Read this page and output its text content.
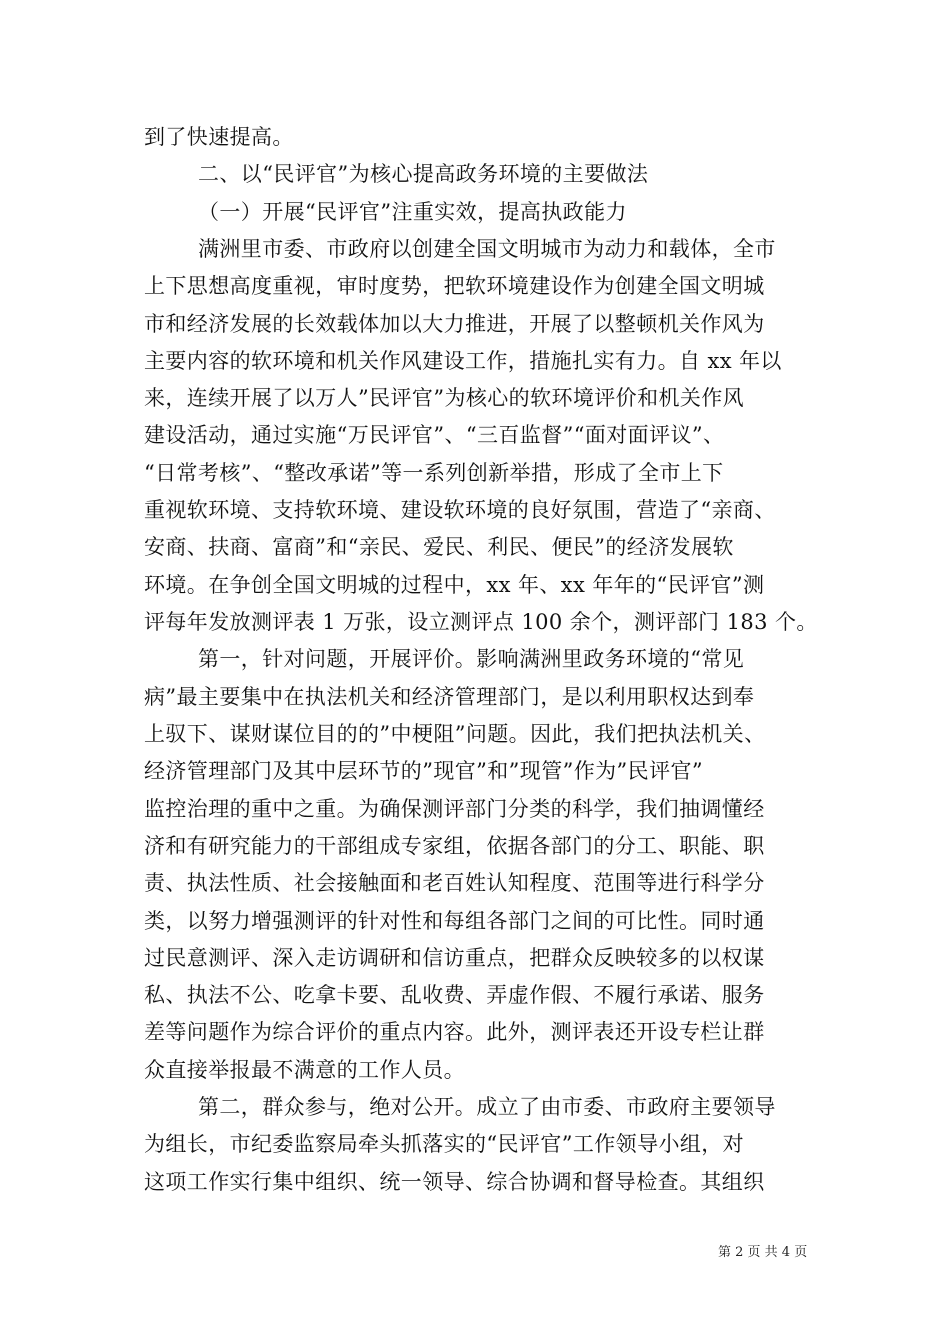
到了快速提高。
二、以“民评官”为核心提高政务环境的主要做法
（一）开展“民评官”注重实效，提高执政能力
满洲里市委、市政府以创建全国文明城市为动力和载体，全市
上下思想高度重视，审时度势，把软环境建设作为创建全国文明城
市和经济发展的长效载体加以大力推进，开展了以整顿机关作风为
主要内容的软环境和机关作风建设工作，措施扎实有力。自 xx 年以
来，连续开展了以万人”民评官”为核心的软环境评价和机关作风
建设活动，通过实施“万民评官”、“三百监督”“面对面评议”、
“日常考核”、“整改承诺”等一系列创新举措，形成了全市上下
重视软环境、支持软环境、建设软环境的良好氛围，营造了“亲商、
安商、扶商、富商”和“亲民、爱民、利民、便民”的经济发展软
环境。在争创全国文明城的过程中，xx 年、xx 年年的“民评官”测
评每年发放测评表 1 万张，设立测评点 100 余个，测评部门 183 个。
第一，针对问题，开展评价。影响满洲里政务环境的“常见
病”最主要集中在执法机关和经济管理部门，是以利用职权达到奉
上驭下、谋财谋位目的的”中梗阻”问题。因此，我们把执法机关、
经济管理部门及其中层环节的”现官”和”现管”作为”民评官”
监控治理的重中之重。为确保测评部门分类的科学，我们抽调懂经
济和有研究能力的干部组成专家组，依据各部门的分工、职能、职
责、执法性质、社会接触面和老百姓认知程度、范围等进行科学分
类，以努力增强测评的针对性和每组各部门之间的可比性。同时通
过民意测评、深入走访调研和信访重点，把群众反映较多的以权谋
私、执法不公、吃拿卡要、乱收费、弄虚作假、不履行承诺、服务
差等问题作为综合评价的重点内容。此外，测评表还开设专栏让群
众直接举报最不满意的工作人员。
第二，群众参与，绝对公开。成立了由市委、市政府主要领导
为组长，市纪委监察局牵头抓落实的“民评官”工作领导小组，对
这项工作实行集中组织、统一领导、综合协调和督导检查。其组织
第 2 页 共 4 页
